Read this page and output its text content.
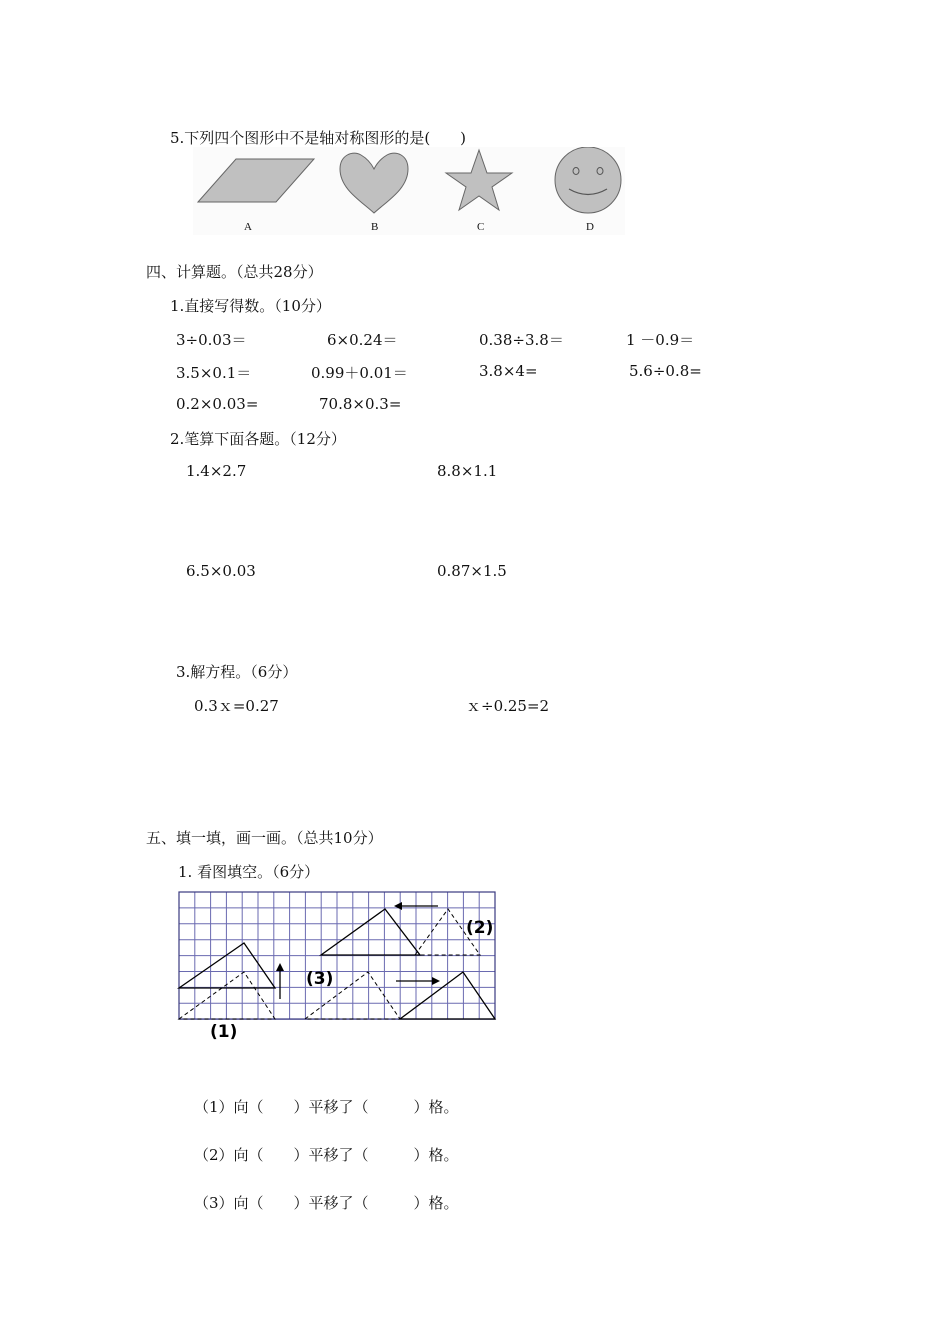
5.下列四个图形中不是轴对称图形的是(　　)
A	B	C	D
四、计算题。（总共28分）
1.直接写得数。（10分）
3÷0.03＝	6×0.24＝	0.38÷3.8＝	1 －0.9＝
3.5×0.1＝	0.99＋0.01＝	3.8×4=	5.6÷0.8=
0.2×0.03=	70.8×0.3=
2.笔算下面各题。（12分）
1.4×2.7	8.8×1.1
6.5×0.03	0.87×1.5
3.解方程。（6分）
0.3ｘ=0.27	ｘ÷0.25=2
五、填一填，画一画。（总共10分）
1. 看图填空。（6分）
(1)
(2)
(3)
（1）向（　　）平移了（　　　）格。
（2）向（　　）平移了（　　　）格。
（3）向（　　）平移了（　　　）格。
